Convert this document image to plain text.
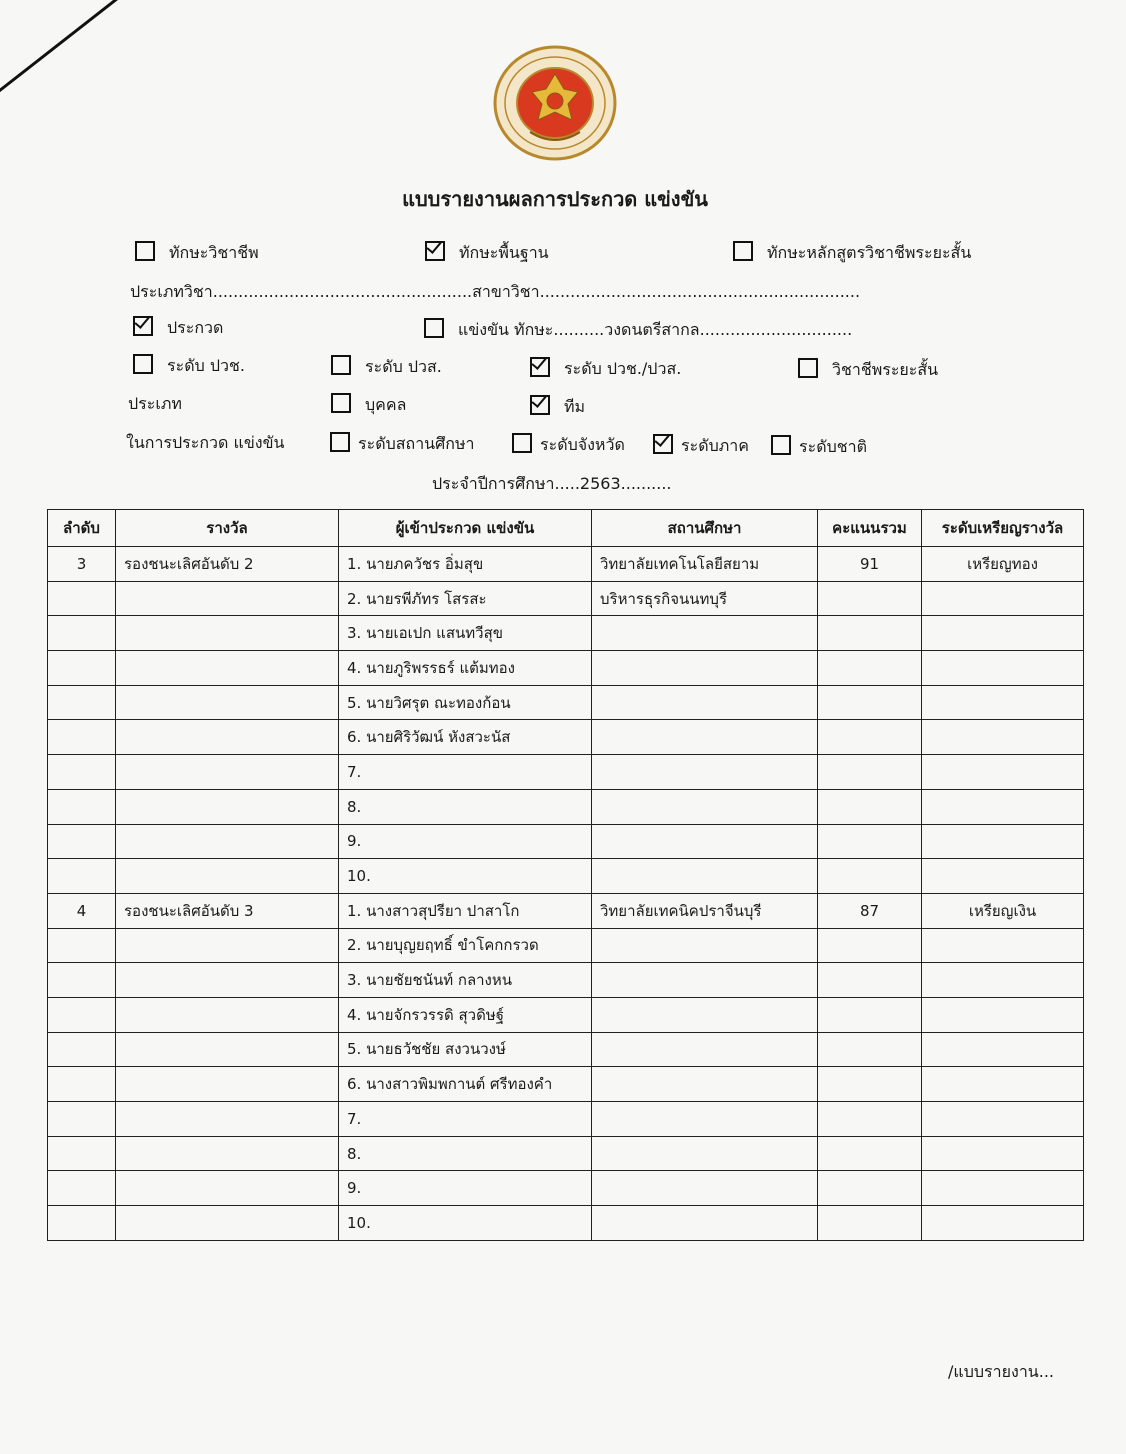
แบบรายงานผลการประกวด แข่งขัน
ทักษะวิชาชีพ	ทักษะพื้นฐาน	ทักษะหลักสูตรวิชาชีพระยะสั้น
ประเภทวิชา...................................................สาขาวิชา...............................................................
ประกวด	แข่งขัน ทักษะ..........วงดนตรีสากล..............................
ระดับ ปวช.	ระดับ ปวส.	ระดับ ปวช./ปวส.	วิชาชีพระยะสั้น
ประเภท	บุคคล	ทีม
ในการประกวด แข่งขัน	ระดับสถานศึกษา	ระดับจังหวัด	ระดับภาค	ระดับชาติ
ประจำปีการศึกษา.....2563..........
ลำดับ	รางวัล	ผู้เข้าประกวด แข่งขัน	สถานศึกษา	คะแนนรวม	ระดับเหรียญรางวัล
3	รองชนะเลิศอันดับ 2	1. นายภควัชร อิ่มสุข	วิทยาลัยเทคโนโลยีสยาม	91	เหรียญทอง
		2. นายรพีภัทร โสรสะ	บริหารธุรกิจนนทบุรี		
		3. นายเอเปก แสนทวีสุข			
		4. นายภูริพรรธร์ แต้มทอง			
		5. นายวิศรุต ณะทองก้อน			
		6. นายศิริวัฒน์ หังสวะนัส			
		7.			
		8.			
		9.			
		10.			
4	รองชนะเลิศอันดับ 3	1. นางสาวสุปรียา ปาสาโก	วิทยาลัยเทคนิคปราจีนบุรี	87	เหรียญเงิน
		2. นายบุญยฤทธิ์ ขำโคกกรวด			
		3. นายชัยชนันท์ กลางหน			
		4. นายจักรวรรดิ สุวดิษฐ์			
		5. นายธวัชชัย สงวนวงษ์			
		6. นางสาวพิมพกานต์ ศรีทองคำ			
		7.			
		8.			
		9.			
		10.			
/แบบรายงาน...
